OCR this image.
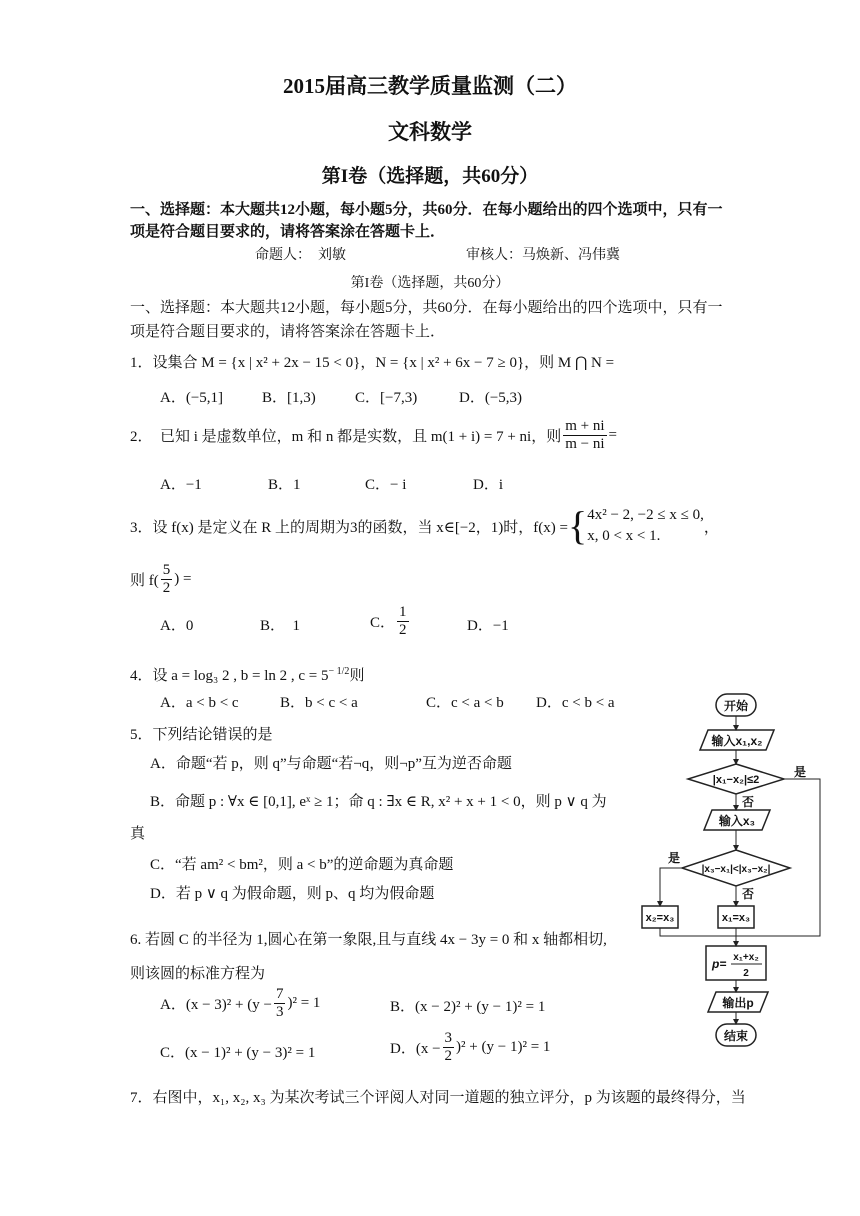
2015届高三教学质量监测（二）
文科数学
第I卷（选择题，共60分）
一、选择题：本大题共12小题，每小题5分，共60分．在每小题给出的四个选项中，只有一
项是符合题目要求的，请将答案涂在答题卡上．
命题人：　刘敏	审核人：马焕新、冯伟冀
第I卷（选择题，共60分）
一、选择题：本大题共12小题，每小题5分，共60分．在每小题给出的四个选项中，只有一
项是符合题目要求的，请将答案涂在答题卡上．
1．设集合 M = {x | x² + 2x − 15 < 0}，N = {x | x² + 6x − 7 ≥ 0}，则 M ⋂ N =
A．(−5,1]	B．[1,3)	C．[−7,3)	D．(−5,3)
2．　已知 i 是虚数单位，m 和 n 都是实数，且 m(1 + i) = 7 + ni，则 $\frac{m + ni}{m - ni}$ =
A．−1	B．1	C．− i	D．i
3．设 f(x) 是定义在 R 上的周期为3的函数，当 x∈[−2，1)时，f(x) = { 4x² − 2, −2 ≤ x ≤ 0,
x, 0 < x < 1.
，
则 $f( \frac{5}{2}$ ) =
A．0	B．　1	C． $\frac{1}{2}$	D．−1
4．设 a = log₃ 2 , b = ln 2 , $c = 5^{- 1/2}$则
A．a < b < c	B．b < c < a	C．c < a < b D．c < b < a
5．下列结论错误的是
A．命题“若 p，则 q”与命题“若¬q，则¬p”互为逆否命题
B．命题 p : ∀x ∈ [0,1], eˣ ≥ 1；命 q : ∃x ∈ R, x² + x + 1 < 0，则 p ∨ q 为
真
C．“若 am² < bm²，则 a < b”的逆命题为真命题
D．若 p ∨ q 为假命题，则 p、q 均为假命题
6. 若圆 C 的半径为 1,圆心在第一象限,且与直线 4x − 3y = 0 和 x 轴都相切,
则该圆的标准方程为
A．$(x - 3)^2 + (y - \frac{7}{3} )^2 = 1$	B．(x − 2)² + (y − 1)² = 1
C．(x − 1)² + (y − 3)² = 1	D．$(x - \frac{3}{2} )^2 + (y - 1)^2 = 1$
7．右图中，x₁, x₂, x₃ 为某次考试三个评阅人对同一道题的独立评分，p 为该题的最终得分，当
开始
输入x₁,x₂
|x₁−x₂|≤2
是
否
输入x₃
|x₃−x₁|<|x₃−x₂|
是
否
x₂=x₃	x₁=x₃
p= x₁+x₂
2
输出p
结束
